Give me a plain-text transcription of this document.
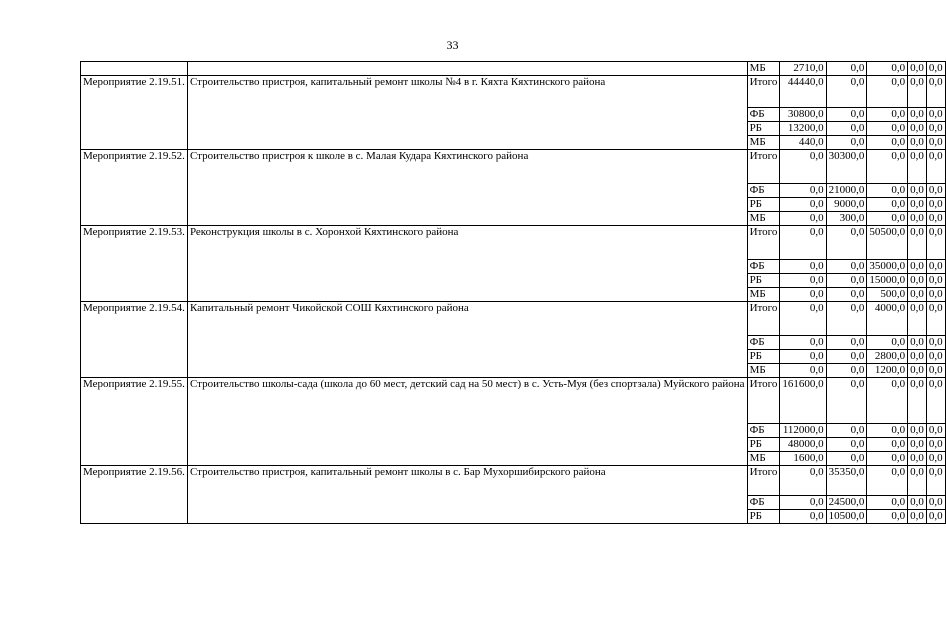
33
		МБ	2710,0	0,0	0,0	0,0	0,0
Мероприятие 2.19.51.	Строительство пристроя, капитальный ремонт школы №4 в г. Кяхта Кяхтинского района	Итого	44440,0	0,0	0,0	0,0	0,0
		ФБ	30800,0	0,0	0,0	0,0	0,0
		РБ	13200,0	0,0	0,0	0,0	0,0
		МБ	440,0	0,0	0,0	0,0	0,0
Мероприятие 2.19.52.	Строительство пристроя к школе в с. Малая Кудара Кяхтинского района	Итого	0,0	30300,0	0,0	0,0	0,0
		ФБ	0,0	21000,0	0,0	0,0	0,0
		РБ	0,0	9000,0	0,0	0,0	0,0
		МБ	0,0	300,0	0,0	0,0	0,0
Мероприятие 2.19.53.	Реконструкция школы в с. Хоронхой Кяхтинского района	Итого	0,0	0,0	50500,0	0,0	0,0
		ФБ	0,0	0,0	35000,0	0,0	0,0
		РБ	0,0	0,0	15000,0	0,0	0,0
		МБ	0,0	0,0	500,0	0,0	0,0
Мероприятие 2.19.54.	Капитальный ремонт Чикойской СОШ Кяхтинского района	Итого	0,0	0,0	4000,0	0,0	0,0
		ФБ	0,0	0,0	0,0	0,0	0,0
		РБ	0,0	0,0	2800,0	0,0	0,0
		МБ	0,0	0,0	1200,0	0,0	0,0
Мероприятие 2.19.55.	Строительство школы-сада (школа до 60 мест, детский сад на 50 мест) в с. Усть-Муя (без спортзала) Муйского района	Итого	161600,0	0,0	0,0	0,0	0,0
		ФБ	112000,0	0,0	0,0	0,0	0,0
		РБ	48000,0	0,0	0,0	0,0	0,0
		МБ	1600,0	0,0	0,0	0,0	0,0
Мероприятие 2.19.56.	Строительство пристроя, капитальный ремонт школы в с. Бар Мухоршибирского района	Итого	0,0	35350,0	0,0	0,0	0,0
		ФБ	0,0	24500,0	0,0	0,0	0,0
		РБ	0,0	10500,0	0,0	0,0	0,0
